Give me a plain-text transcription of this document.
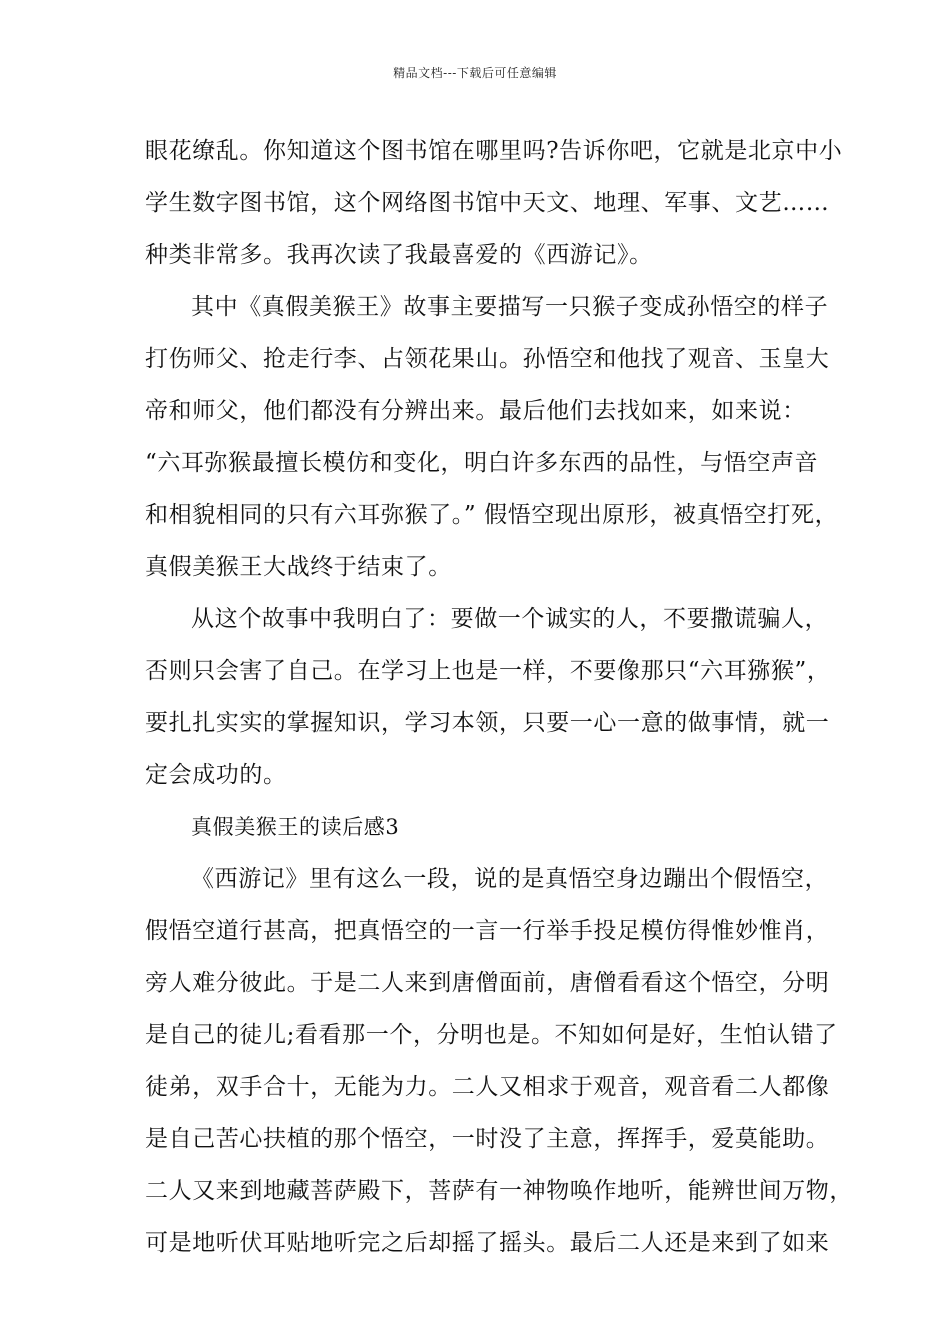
精品文档---下载后可任意编辑
眼花缭乱。你知道这个图书馆在哪里吗?告诉你吧，它就是北京中小
学生数字图书馆，这个网络图书馆中天文、地理、军事、文艺……
种类非常多。我再次读了我最喜爱的《西游记》。
其中《真假美猴王》故事主要描写一只猴子变成孙悟空的样子
打伤师父、抢走行李、占领花果山。孙悟空和他找了观音、玉皇大
帝和师父，他们都没有分辨出来。最后他们去找如来，如来说：
“六耳弥猴最擅长模仿和变化，明白许多东西的品性，与悟空声音
和相貌相同的只有六耳弥猴了。” 假悟空现出原形，被真悟空打死，
真假美猴王大战终于结束了。
从这个故事中我明白了：要做一个诚实的人，不要撒谎骗人，
否则只会害了自己。在学习上也是一样，不要像那只“六耳猕猴”，
要扎扎实实的掌握知识，学习本领，只要一心一意的做事情，就一
定会成功的。
真假美猴王的读后感3
《西游记》里有这么一段，说的是真悟空身边蹦出个假悟空，
假悟空道行甚高，把真悟空的一言一行举手投足模仿得惟妙惟肖，
旁人难分彼此。于是二人来到唐僧面前，唐僧看看这个悟空，分明
是自己的徒儿;看看那一个，分明也是。不知如何是好，生怕认错了
徒弟，双手合十，无能为力。二人又相求于观音，观音看二人都像
是自己苦心扶植的那个悟空，一时没了主意，挥挥手，爱莫能助。
二人又来到地藏菩萨殿下，菩萨有一神物唤作地听，能辨世间万物，
可是地听伏耳贴地听完之后却摇了摇头。最后二人还是来到了如来
